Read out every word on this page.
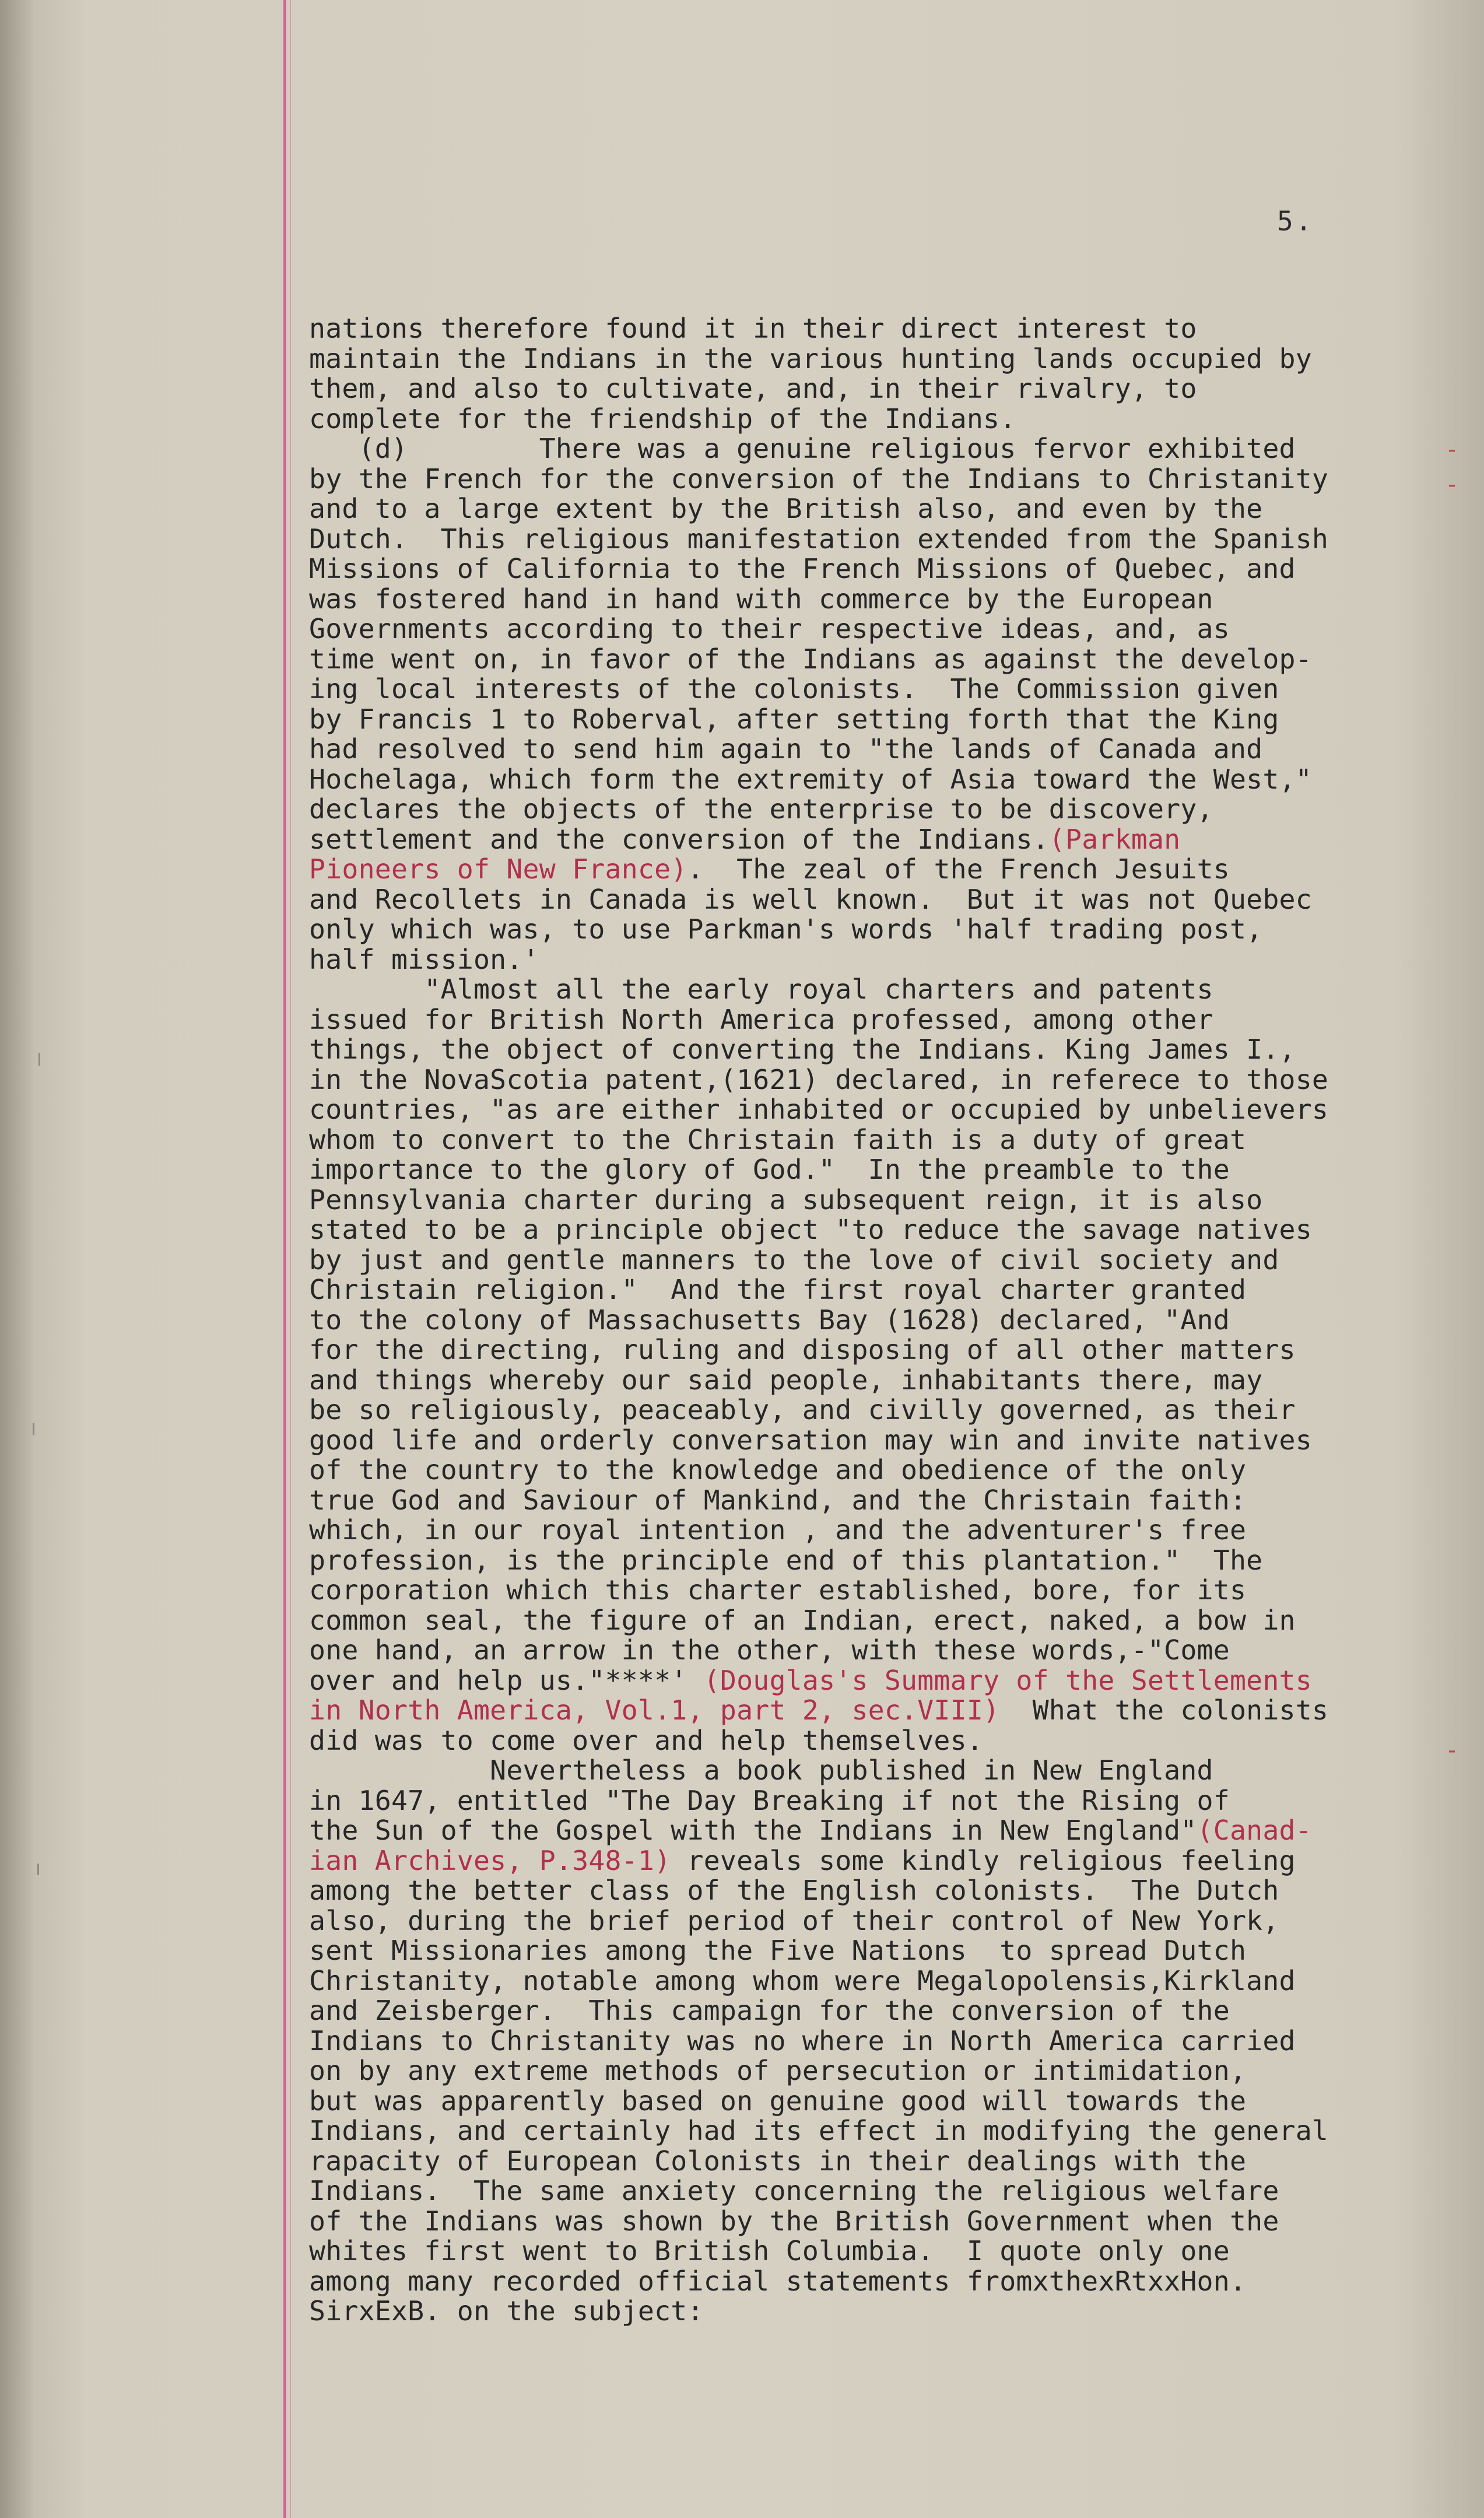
5.

-

-

-

nations therefore found it in their direct interest to
maintain the Indians in the various hunting lands occupied by
them, and also to cultivate, and, in their rivalry, to
complete for the friendship of the Indians.

(d)        There was a genuine religious fervor exhibited
by the French for the conversion of the Indians to Christanity
and to a large extent by the British also, and even by the
Dutch.  This religious manifestation extended from the Spanish
Missions of California to the French Missions of Quebec, and
was fostered hand in hand with commerce by the European
Governments according to their respective ideas, and, as
time went on, in favor of the Indians as against the develop-
ing local interests of the colonists.  The Commission given
by Francis 1 to Roberval, after setting forth that the King
had resolved to send him again to "the lands of Canada and
Hochelaga, which form the extremity of Asia toward the West,"
declares the objects of the enterprise to be discovery,
settlement and the conversion of the Indians.(Parkman
Pioneers of New France).  The zeal of the French Jesuits
and Recollets in Canada is well known.  But it was not Quebec
only which was, to use Parkman's words 'half trading post,
half mission.'

"Almost all the early royal charters and patents
issued for British North America professed, among other
things, the object of converting the Indians. King James I.,
in the NovaScotia patent,(1621) declared, in referece to those
countries, "as are either inhabited or occupied by unbelievers
whom to convert to the Christain faith is a duty of great
importance to the glory of God."  In the preamble to the
Pennsylvania charter during a subsequent reign, it is also
stated to be a principle object "to reduce the savage natives
by just and gentle manners to the love of civil society and
Christain religion."  And the first royal charter granted
to the colony of Massachusetts Bay (1628) declared, "And
for the directing, ruling and disposing of all other matters
and things whereby our said people, inhabitants there, may
be so religiously, peaceably, and civilly governed, as their
good life and orderly conversation may win and invite natives
of the country to the knowledge and obedience of the only
true God and Saviour of Mankind, and the Christain faith:
which, in our royal intention , and the adventurer's free
profession, is the principle end of this plantation."  The
corporation which this charter established, bore, for its
common seal, the figure of an Indian, erect, naked, a bow in
one hand, an arrow in the other, with these words,-"Come
over and help us."****' (Douglas's Summary of the Settlements
in North America, Vol.1, part 2, sec.VIII)  What the colonists
did was to come over and help themselves.

Nevertheless a book published in New England
in 1647, entitled "The Day Breaking if not the Rising of
the Sun of the Gospel with the Indians in New England"(Canad-
ian Archives, P.348-1) reveals some kindly religious feeling
among the better class of the English colonists.  The Dutch
also, during the brief period of their control of New York,
sent Missionaries among the Five Nations  to spread Dutch
Christanity, notable among whom were Megalopolensis,Kirkland
and Zeisberger.  This campaign for the conversion of the
Indians to Christanity was no where in North America carried
on by any extreme methods of persecution or intimidation,
but was apparently based on genuine good will towards the
Indians, and certainly had its effect in modifying the general
rapacity of European Colonists in their dealings with the
Indians.  The same anxiety concerning the religious welfare
of the Indians was shown by the British Government when the
whites first went to British Columbia.  I quote only one
among many recorded official statements fromxthexRtxxHon.
SirxExB. on the subject:
